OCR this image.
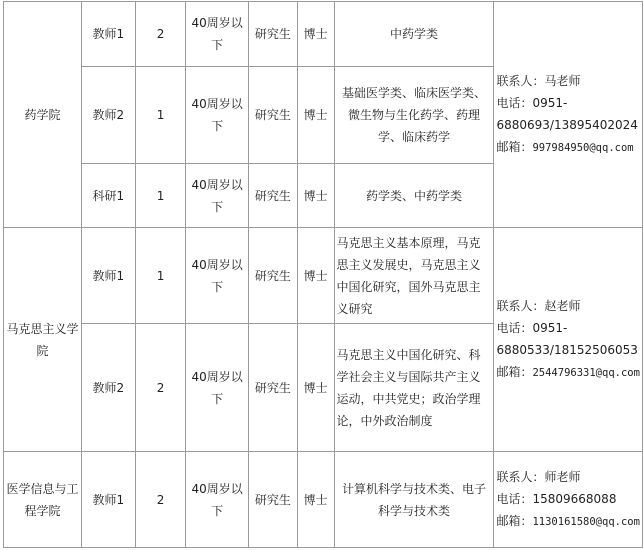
药学院	教师1	2	40周岁以下	研究生	博士	中药学类	联系人：马老师
电话：0951-
6880693/13895402024
邮箱：997984950@qq.com

	教师2	1	40周岁以下	研究生	博士	基础医学类、临床医学类、微生物与生化药学、药理学、临床药学	
	科研1	1	40周岁以下	研究生	博士	药学类、中药学类	

马克思主义学
院	教师1	1	40周岁以下	研究生	博士	马克思主义基本原理，马克思主义发展史，马克思主义中国化研究，国外马克思主义研究	联系人：赵老师
电话：0951-
6880533/18152506053
邮箱：2544796331@qq.com

	教师2	2	40周岁以下	研究生	博士	马克思主义中国化研究、科学社会主义与国际共产主义运动，中共党史；政治学理论，中外政治制度	

医学信息与工
程学院	教师1	2	40周岁以下	研究生	博士	计算机科学与技术类、电子科学与技术类	联系人：师老师
电话：15809668088
邮箱：1130161580@qq.com
